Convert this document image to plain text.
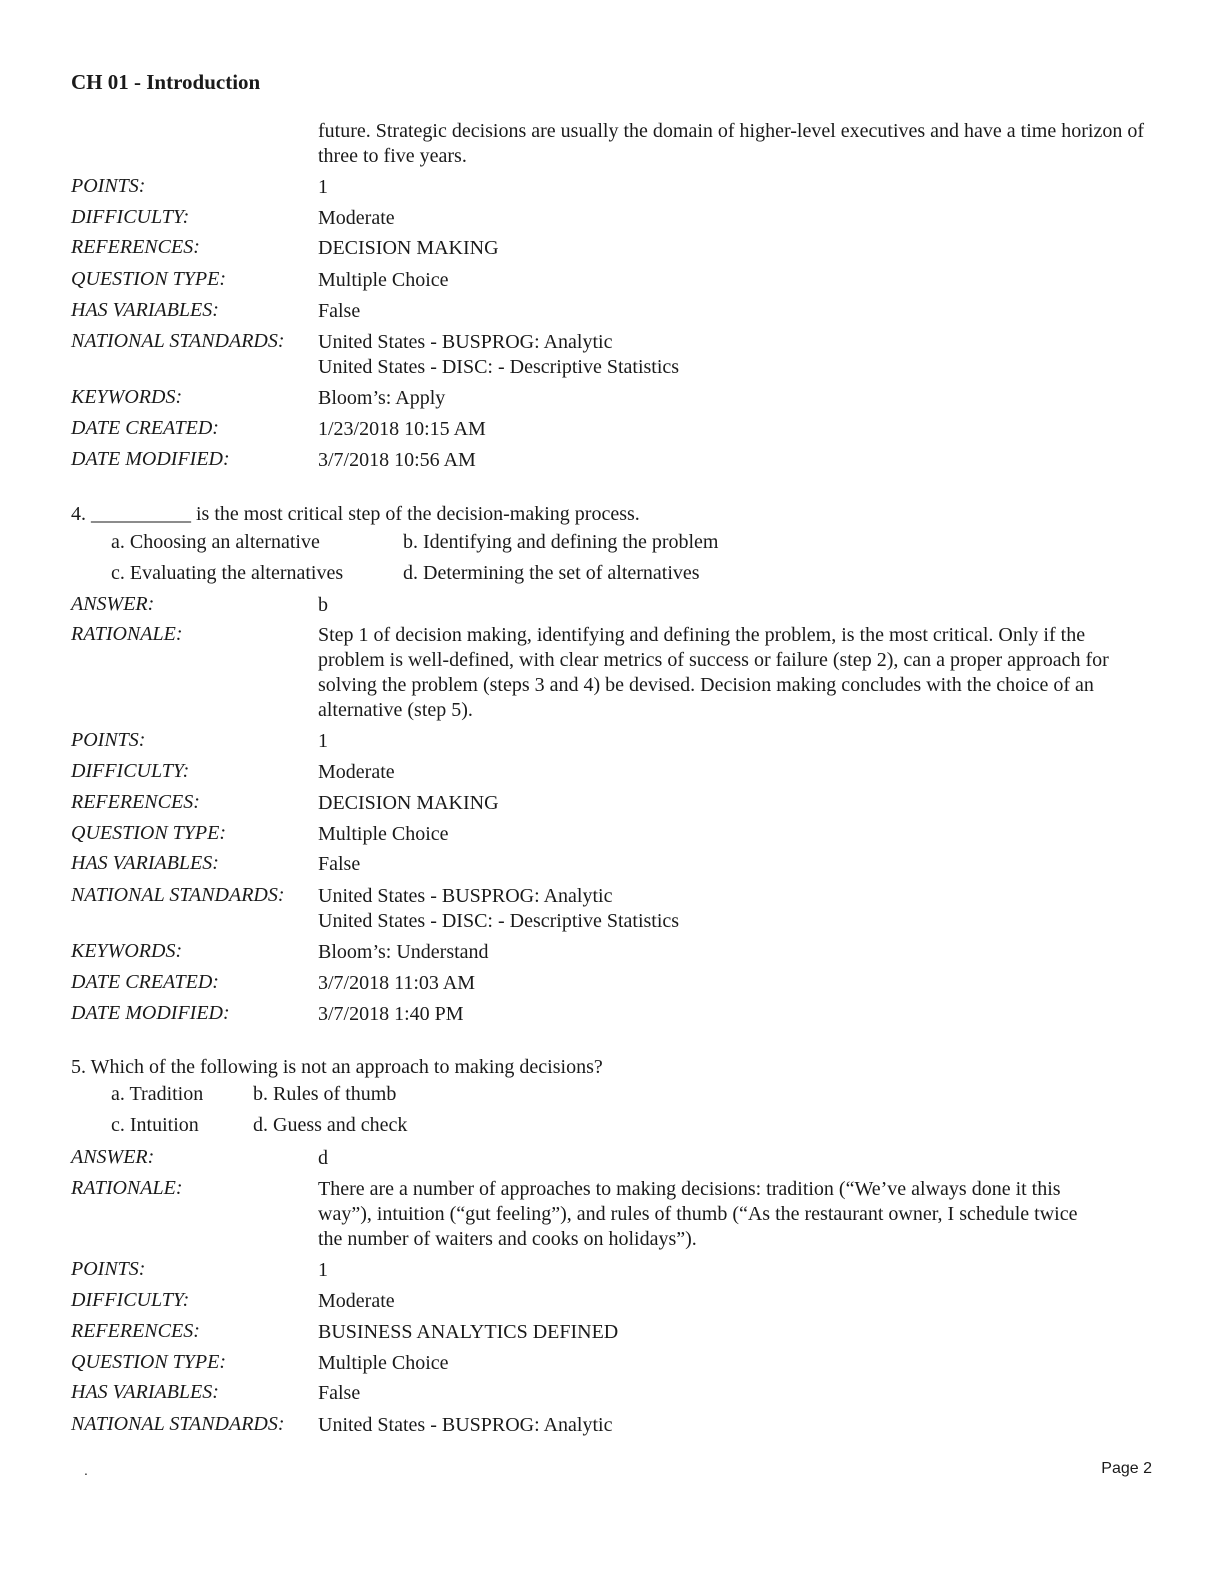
CH 01 - Introduction
future. Strategic decisions are usually the domain of higher-level executives and have a time horizon of three to five years.
POINTS:	1
DIFFICULTY:	Moderate
REFERENCES:	DECISION MAKING
QUESTION TYPE:	Multiple Choice
HAS VARIABLES:	False
NATIONAL STANDARDS: United States - BUSPROG: Analytic
United States - DISC: - Descriptive Statistics
KEYWORDS:	Bloom’s: Apply
DATE CREATED:	1/23/2018 10:15 AM
DATE MODIFIED:	3/7/2018 10:56 AM
4. __________ is the most critical step of the decision-making process.
a. Choosing an alternative	b. Identifying and defining the problem
c. Evaluating the alternatives	d. Determining the set of alternatives
ANSWER:	b
RATIONALE:	Step 1 of decision making, identifying and defining the problem, is the most critical. Only if the problem is well-defined, with clear metrics of success or failure (step 2), can a proper approach for solving the problem (steps 3 and 4) be devised. Decision making concludes with the choice of an alternative (step 5).
POINTS:	1
DIFFICULTY:	Moderate
REFERENCES:	DECISION MAKING
QUESTION TYPE:	Multiple Choice
HAS VARIABLES:	False
NATIONAL STANDARDS: United States - BUSPROG: Analytic
United States - DISC: - Descriptive Statistics
KEYWORDS:	Bloom’s: Understand
DATE CREATED:	3/7/2018 11:03 AM
DATE MODIFIED:	3/7/2018 1:40 PM
5. Which of the following is not an approach to making decisions?
a. Tradition b. Rules of thumb
c. Intuition	d. Guess and check
ANSWER:	d
RATIONALE:	There are a number of approaches to making decisions: tradition (“We’ve always done it this way”), intuition (“gut feeling”), and rules of thumb (“As the restaurant owner, I schedule twice the number of waiters and cooks on holidays”).
POINTS:	1
DIFFICULTY:	Moderate
REFERENCES:	BUSINESS ANALYTICS DEFINED
QUESTION TYPE:	Multiple Choice
HAS VARIABLES:	False
NATIONAL STANDARDS: United States - BUSPROG: Analytic
.	Page 2
